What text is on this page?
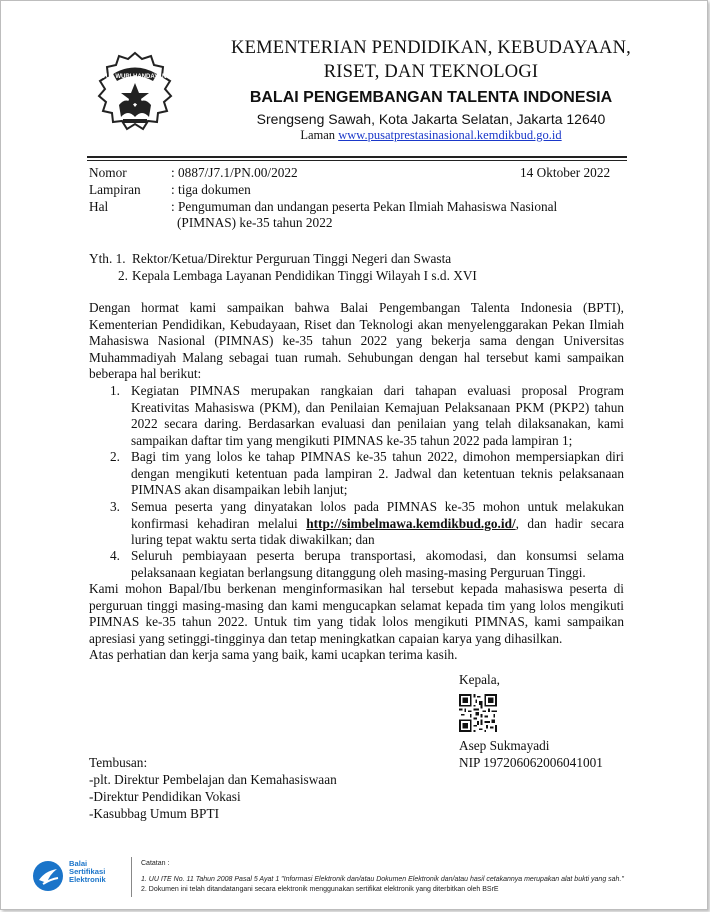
TUT WURI HANDAYANI
KEMENTERIAN PENDIDIKAN, KEBUDAYAAN,
RISET, DAN TEKNOLOGI
BALAI PENGEMBANGAN TALENTA INDONESIA
Srengseng Sawah, Kota Jakarta Selatan, Jakarta 12640
Laman www.pusatprestasinasional.kemdikbud.go.id
Nomor	: 0887/J7.1/PN.00/2022	14 Oktober 2022
Lampiran : tiga dokumen
Hal	: Pengumuman dan undangan peserta Pekan Ilmiah Mahasiswa Nasional
(PIMNAS) ke-35 tahun 2022
Yth. 1. Rektor/Ketua/Direktur Perguruan Tinggi Negeri dan Swasta
2. Kepala Lembaga Layanan Pendidikan Tinggi Wilayah I s.d. XVI
Dengan hormat kami sampaikan bahwa Balai Pengembangan Talenta Indonesia (BPTI),
Kementerian Pendidikan, Kebudayaan, Riset dan Teknologi akan menyelenggarakan Pekan Ilmiah
Mahasiswa Nasional (PIMNAS) ke-35 tahun 2022 yang bekerja sama dengan Universitas
Muhammadiyah Malang sebagai tuan rumah. Sehubungan dengan hal tersebut kami sampaikan
beberapa hal berikut:
1. Kegiatan PIMNAS merupakan rangkaian dari tahapan evaluasi proposal Program
Kreativitas Mahasiswa (PKM), dan Penilaian Kemajuan Pelaksanaan PKM (PKP2) tahun
2022 secara daring. Berdasarkan evaluasi dan penilaian yang telah dilaksanakan, kami
sampaikan daftar tim yang mengikuti PIMNAS ke-35 tahun 2022 pada lampiran 1;
2. Bagi tim yang lolos ke tahap PIMNAS ke-35 tahun 2022, dimohon mempersiapkan diri
dengan mengikuti ketentuan pada lampiran 2. Jadwal dan ketentuan teknis pelaksanaan
PIMNAS akan disampaikan lebih lanjut;
3. Semua peserta yang dinyatakan lolos pada PIMNAS ke-35 mohon untuk melakukan
konfirmasi kehadiran melalui http://simbelmawa.kemdikbud.go.id/, dan hadir secara
luring tepat waktu serta tidak diwakilkan; dan
4. Seluruh pembiayaan peserta berupa transportasi, akomodasi, dan konsumsi selama
pelaksanaan kegiatan berlangsung ditanggung oleh masing-masing Perguruan Tinggi.
Kami mohon Bapal/Ibu berkenan menginformasikan hal tersebut kepada mahasiswa peserta di
perguruan tinggi masing-masing dan kami mengucapkan selamat kepada tim yang lolos mengikuti
PIMNAS ke-35 tahun 2022. Untuk tim yang tidak lolos mengikuti PIMNAS, kami sampaikan
apresiasi yang setinggi-tingginya dan tetap meningkatkan capaian karya yang dihasilkan.
Atas perhatian dan kerja sama yang baik, kami ucapkan terima kasih.
Kepala,
Asep Sukmayadi
NIP 197206062006041001
Tembusan:
-plt. Direktur Pembelajan dan Kemahasiswaan
-Direktur Pendidikan Vokasi
-Kasubbag Umum BPTI
Balai
Sertifikasi
Elektronik
Catatan :
1. UU ITE No. 11 Tahun 2008 Pasal 5 Ayat 1 "Informasi Elektronik dan/atau Dokumen Elektronik dan/atau hasil cetakannya merupakan alat bukti yang sah."
2. Dokumen ini telah ditandatangani secara elektronik menggunakan sertifikat elektronik yang diterbitkan oleh BSrE
